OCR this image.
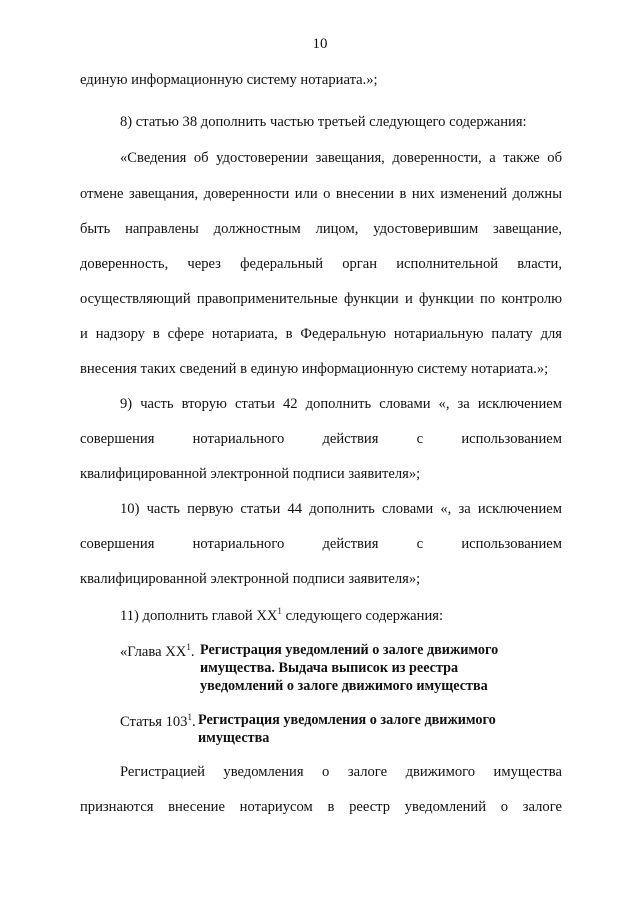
10
единую информационную систему нотариата.»;
8) статью 38 дополнить частью третьей следующего содержания:
«Сведения об удостоверении завещания, доверенности, а также об
отмене завещания, доверенности или о внесении в них изменений должны
быть направлены должностным лицом, удостоверившим завещание,
доверенность, через федеральный орган исполнительной власти,
осуществляющий правоприменительные функции и функции по контролю
и надзору в сфере нотариата, в Федеральную нотариальную палату для
внесения таких сведений в единую информационную систему нотариата.»;
9) часть вторую статьи 42 дополнить словами «, за исключением
совершения нотариального действия с использованием
квалифицированной электронной подписи заявителя»;
10) часть первую статьи 44 дополнить словами «, за исключением
совершения нотариального действия с использованием
квалифицированной электронной подписи заявителя»;
11) дополнить главой $XX^1$ следующего содержания:
«Глава $XX^1$. Регистрация уведомлений о залоге движимого
имущества. Выдача выписок из реестра
уведомлений о залоге движимого имущества
Статья $103^1$. Регистрация уведомления о залоге движимого
имущества
Регистрацией уведомления о залоге движимого имущества
признаются внесение нотариусом в реестр уведомлений о залоге
